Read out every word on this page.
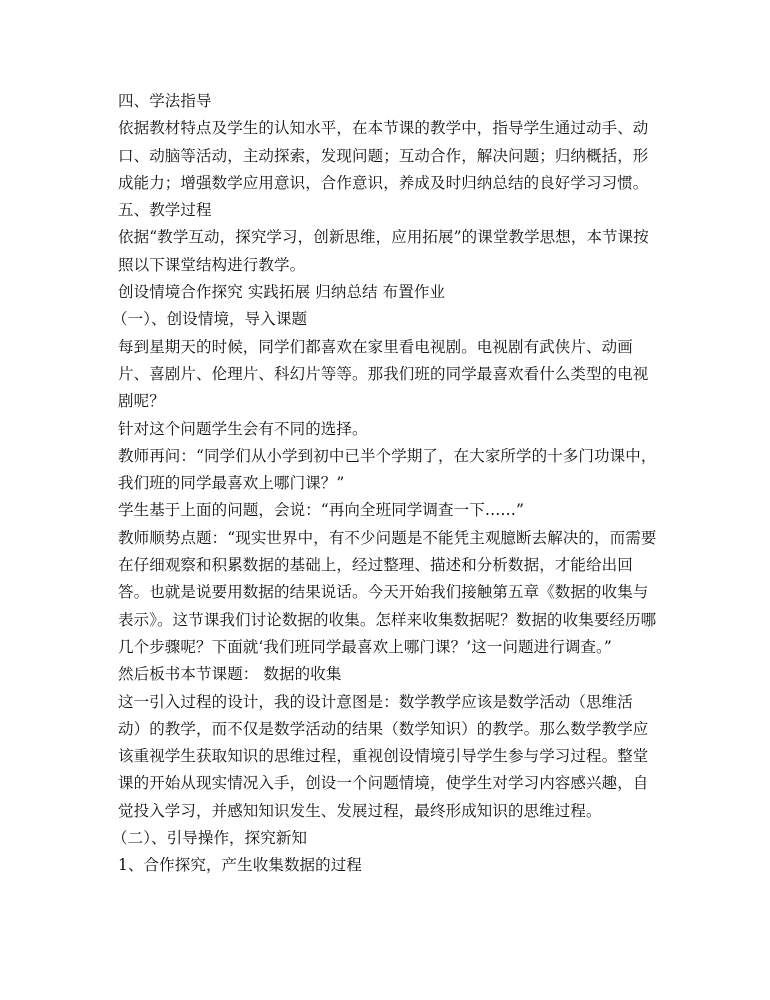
四、学法指导
依据教材特点及学生的认知水平，在本节课的教学中，指导学生通过动手、动
口、动脑等活动，主动探索，发现问题；互动合作，解决问题；归纳概括，形
成能力；增强数学应用意识，合作意识，养成及时归纳总结的良好学习习惯。
五、教学过程
依据“教学互动，探究学习，创新思维，应用拓展”的课堂教学思想，本节课按
照以下课堂结构进行教学。
创设情境合作探究 实践拓展 归纳总结 布置作业
（一）、创设情境，导入课题
每到星期天的时候，同学们都喜欢在家里看电视剧。电视剧有武侠片、动画
片、喜剧片、伦理片、科幻片等等。那我们班的同学最喜欢看什么类型的电视
剧呢？
针对这个问题学生会有不同的选择。
教师再问：“同学们从小学到初中已半个学期了，在大家所学的十多门功课中，
我们班的同学最喜欢上哪门课？”
学生基于上面的问题，会说：“再向全班同学调查一下……”
教师顺势点题：“现实世界中，有不少问题是不能凭主观臆断去解决的，而需要
在仔细观察和积累数据的基础上，经过整理、描述和分析数据，才能给出回
答。也就是说要用数据的结果说话。今天开始我们接触第五章《数据的收集与
表示》。这节课我们讨论数据的收集。怎样来收集数据呢？数据的收集要经历哪
几个步骤呢？下面就‘我们班同学最喜欢上哪门课？’这一问题进行调查。”
然后板书本节课题： 数据的收集
这一引入过程的设计，我的设计意图是：数学教学应该是数学活动（思维活
动）的教学，而不仅是数学活动的结果（数学知识）的教学。那么数学教学应
该重视学生获取知识的思维过程，重视创设情境引导学生参与学习过程。整堂
课的开始从现实情况入手，创设一个问题情境，使学生对学习内容感兴趣，自
觉投入学习，并感知知识发生、发展过程，最终形成知识的思维过程。
（二）、引导操作，探究新知
1、合作探究，产生收集数据的过程
